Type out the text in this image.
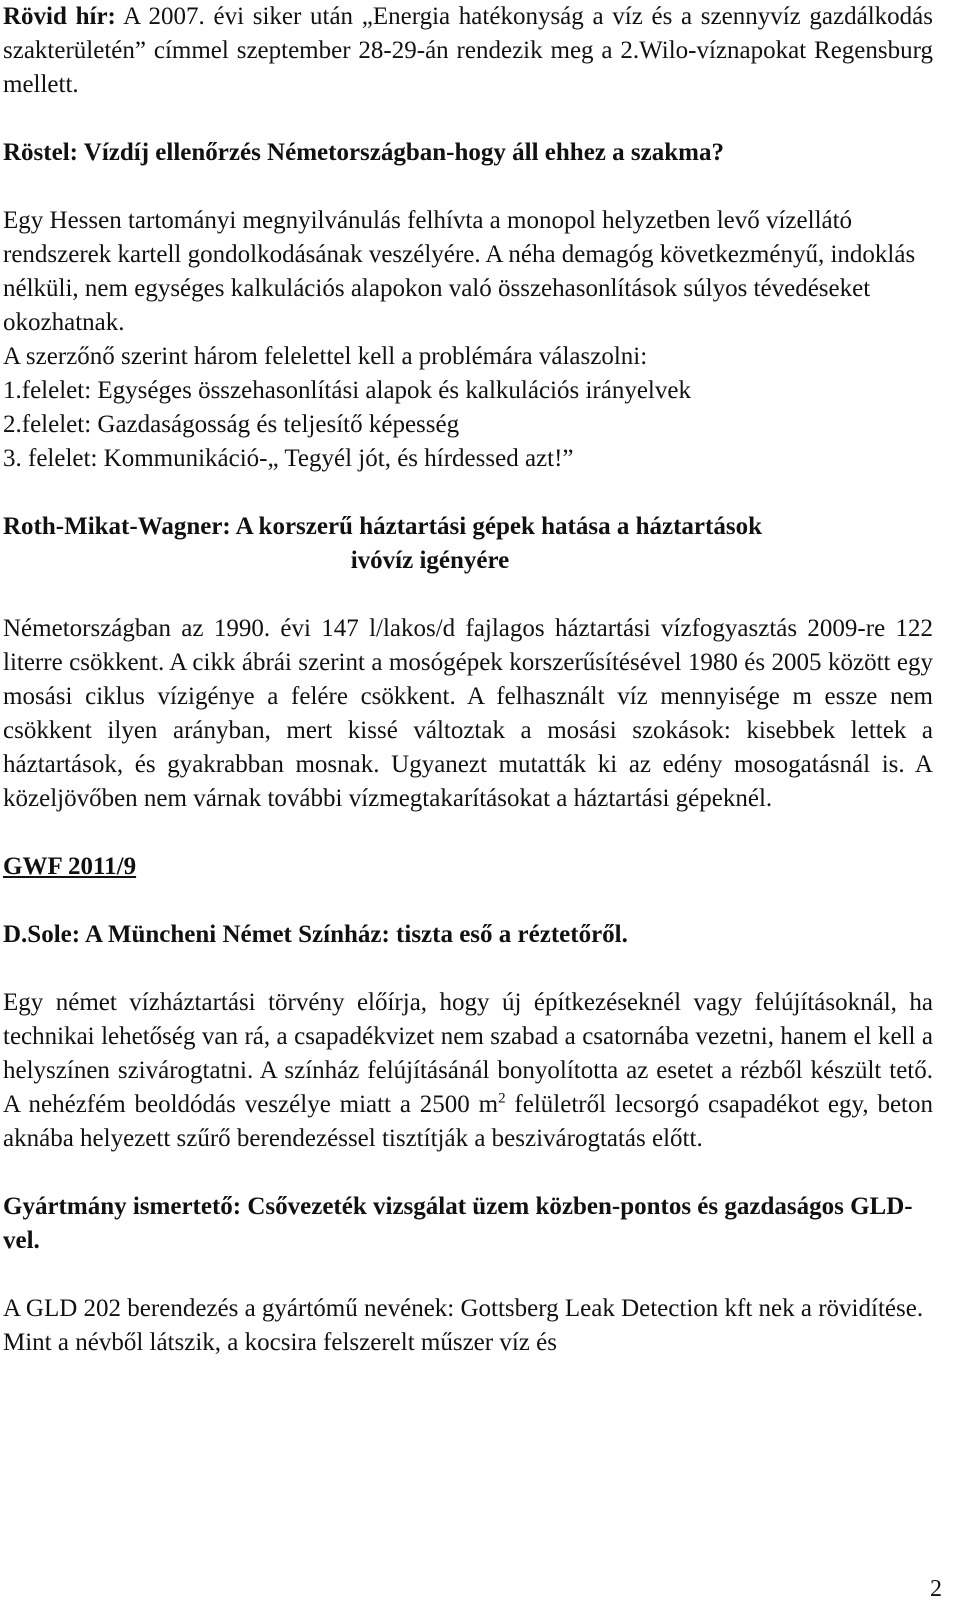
Rövid hír: A 2007. évi siker után „Energia hatékonyság a víz és a szennyvíz gazdálkodás szakterületén” címmel szeptember 28-29-án rendezik meg a 2.Wilo-víznapokat Regensburg mellett.

Röstel: Vízdíj ellenőrzés Németországban-hogy áll ehhez a szakma?

Egy Hessen tartományi megnyilvánulás felhívta a monopol helyzetben levő vízellátó rendszerek kartell gondolkodásának veszélyére. A néha demagóg következményű, indoklás nélküli, nem egységes kalkulációs alapokon való összehasonlítások súlyos tévedéseket okozhatnak.

A szerzőnő szerint három felelettel kell a problémára válaszolni:

1.felelet: Egységes összehasonlítási alapok és kalkulációs irányelvek

2.felelet: Gazdaságosság és teljesítő képesség

3. felelet: Kommunikáció-„ Tegyél jót, és hírdessed azt!”

Roth-Mikat-Wagner: A korszerű háztartási gépek hatása a háztartások

ivóvíz igényére

Németországban az 1990. évi 147 l/lakos/d fajlagos háztartási vízfogyasztás 2009-re 122 literre csökkent. A cikk ábrái szerint a mosógépek korszerűsítésével 1980 és 2005 között egy mosási ciklus vízigénye a felére csökkent. A felhasznált víz mennyisége m essze nem csökkent ilyen arányban, mert kissé változtak a mosási szokások: kisebbek lettek a háztartások, és gyakrabban mosnak. Ugyanezt mutatták ki az edény mosogatásnál is. A közeljövőben nem várnak további vízmegtakarításokat a háztartási gépeknél.

GWF 2011/9

D.Sole: A Müncheni Német Színház: tiszta eső a réztetőről.

Egy német vízháztartási törvény előírja, hogy új építkezéseknél vagy felújításoknál, ha technikai lehetőség van rá, a csapadékvizet nem szabad a csatornába vezetni, hanem el kell a helyszínen szivárogtatni. A színház felújításánál bonyolította az esetet a rézből készült tető. A nehézfém beoldódás veszélye miatt a 2500 $m^2$ felületről lecsorgó csapadékot egy, beton aknába helyezett szűrő berendezéssel tisztítják a beszivárogtatás előtt.

Gyártmány ismertető: Csővezeték vizsgálat üzem közben-pontos és gazdaságos GLD-vel.

A GLD 202 berendezés a gyártómű nevének: Gottsberg Leak Detection kft nek a rövidítése. Mint a névből látszik, a kocsira felszerelt műszer víz és

2
